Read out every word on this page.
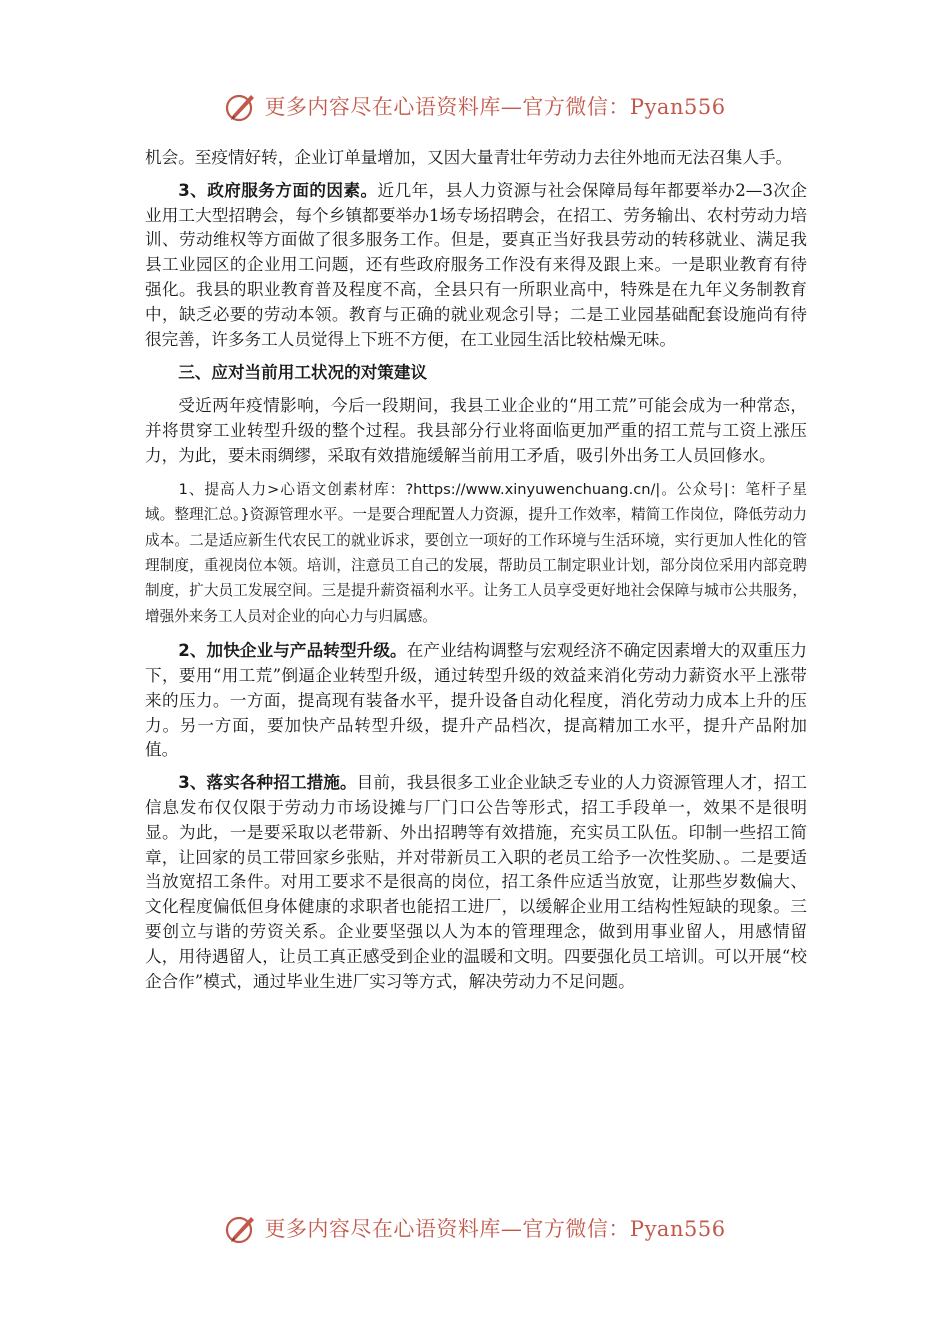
更多内容尽在心语资料库—官方微信：Pyan556

机会。至疫情好转，企业订单量增加，又因大量青壮年劳动力去往外地而无法召集人手。

3、政府服务方面的因素。近几年，县人力资源与社会保障局每年都要举办2—3次企业用工大型招聘会，每个乡镇都要举办1场专场招聘会，在招工、劳务输出、农村劳动力培训、劳动维权等方面做了很多服务工作。但是，要真正当好我县劳动的转移就业、满足我县工业园区的企业用工问题，还有些政府服务工作没有来得及跟上来。一是职业教育有待强化。我县的职业教育普及程度不高，全县只有一所职业高中，特殊是在九年义务制教育中，缺乏必要的劳动本领。教育与正确的就业观念引导；二是工业园基础配套设施尚有待很完善，许多务工人员觉得上下班不方便，在工业园生活比较枯燥无味。

三、应对当前用工状况的对策建议

受近两年疫情影响，今后一段期间，我县工业企业的“用工荒”可能会成为一种常态，并将贯穿工业转型升级的整个过程。我县部分行业将面临更加严重的招工荒与工资上涨压力，为此，要未雨绸缪，采取有效措施缓解当前用工矛盾，吸引外出务工人员回修水。

1、提高人力>心语文创素材库：?https://www.xinyuwenchuang.cn/|。公众号|：笔杆子星域。整理汇总。}资源管理水平。一是要合理配置人力资源，提升工作效率，精简工作岗位，降低劳动力成本。二是适应新生代农民工的就业诉求，要创立一项好的工作环境与生活环境，实行更加人性化的管理制度，重视岗位本领。培训，注意员工自己的发展，帮助员工制定职业计划，部分岗位采用内部竞聘制度，扩大员工发展空间。三是提升薪资福利水平。让务工人员享受更好地社会保障与城市公共服务，增强外来务工人员对企业的向心力与归属感。

2、加快企业与产品转型升级。在产业结构调整与宏观经济不确定因素增大的双重压力下，要用“用工荒”倒逼企业转型升级，通过转型升级的效益来消化劳动力薪资水平上涨带来的压力。一方面，提高现有装备水平，提升设备自动化程度，消化劳动力成本上升的压力。另一方面，要加快产品转型升级，提升产品档次，提高精加工水平，提升产品附加值。

3、落实各种招工措施。目前，我县很多工业企业缺乏专业的人力资源管理人才，招工信息发布仅仅限于劳动力市场设摊与厂门口公告等形式，招工手段单一，效果不是很明显。为此，一是要采取以老带新、外出招聘等有效措施，充实员工队伍。印制一些招工简章，让回家的员工带回家乡张贴，并对带新员工入职的老员工给予一次性奖励、。二是要适当放宽招工条件。对用工要求不是很高的岗位，招工条件应适当放宽，让那些岁数偏大、文化程度偏低但身体健康的求职者也能招工进厂，以缓解企业用工结构性短缺的现象。三要创立与谐的劳资关系。企业要坚强以人为本的管理理念，做到用事业留人，用感情留人，用待遇留人，让员工真正感受到企业的温暖和文明。四要强化员工培训。可以开展“校企合作”模式，通过毕业生进厂实习等方式，解决劳动力不足问题。

更多内容尽在心语资料库—官方微信：Pyan556
